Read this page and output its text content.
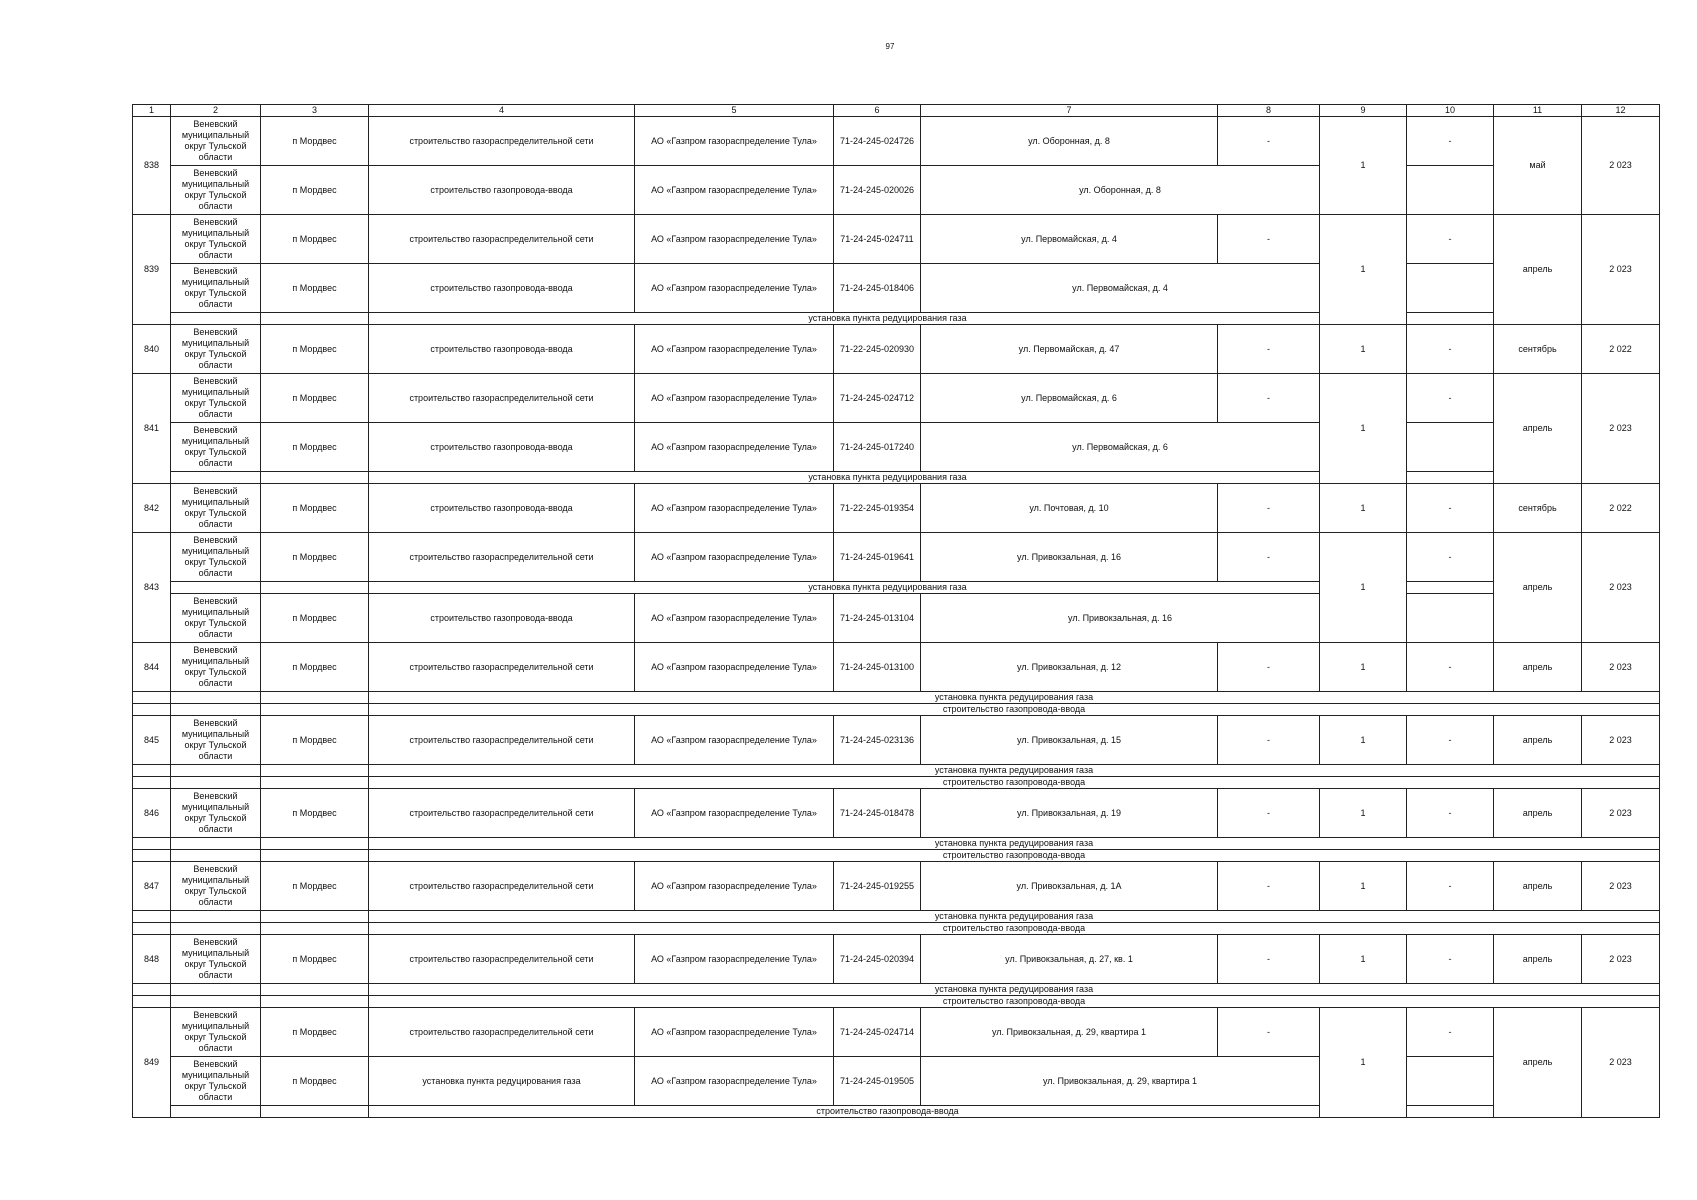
97
1	2	3	4	5	6	7	8	9	10	11	12
838	Веневский муниципальный округ Тульской области	п Мордвес	строительство газораспределительной сети	АО «Газпром газораспределение Тула»	71-24-245-024726	ул. Оборонная, д. 8	-	1	-	май	2 023
	Веневский муниципальный округ Тульской области	п Мордвес	строительство газопровода-ввода	АО «Газпром газораспределение Тула»	71-24-245-020026	ул. Оборонная, д. 8					
839	Веневский муниципальный округ Тульской области	п Мордвес	строительство газораспределительной сети	АО «Газпром газораспределение Тула»	71-24-245-024711	ул. Первомайская, д. 4	-	1	-	апрель	2 023
	Веневский муниципальный округ Тульской области	п Мордвес	строительство газопровода-ввода	АО «Газпром газораспределение Тула»	71-24-245-018406	ул. Первомайская, д. 4					
			установка пункта редуцирования газа								
840	Веневский муниципальный округ Тульской области	п Мордвес	строительство газопровода-ввода	АО «Газпром газораспределение Тула»	71-22-245-020930	ул. Первомайская, д. 47	-	1	-	сентябрь	2 022
841	Веневский муниципальный округ Тульской области	п Мордвес	строительство газораспределительной сети	АО «Газпром газораспределение Тула»	71-24-245-024712	ул. Первомайская, д. 6	-	1	-	апрель	2 023
	Веневский муниципальный округ Тульской области	п Мордвес	строительство газопровода-ввода	АО «Газпром газораспределение Тула»	71-24-245-017240	ул. Первомайская, д. 6					
			установка пункта редуцирования газа								
842	Веневский муниципальный округ Тульской области	п Мордвес	строительство газопровода-ввода	АО «Газпром газораспределение Тула»	71-22-245-019354	ул. Почтовая, д. 10	-	1	-	сентябрь	2 022
843	Веневский муниципальный округ Тульской области	п Мордвес	строительство газораспределительной сети	АО «Газпром газораспределение Тула»	71-24-245-019641	ул. Привокзальная, д. 16	-	1	-	апрель	2 023
			установка пункта редуцирования газа								
	Веневский муниципальный округ Тульской области	п Мордвес	строительство газопровода-ввода	АО «Газпром газораспределение Тула»	71-24-245-013104	ул. Привокзальная, д. 16					
844	Веневский муниципальный округ Тульской области	п Мордвес	строительство газораспределительной сети	АО «Газпром газораспределение Тула»	71-24-245-013100	ул. Привокзальная, д. 12	-	1	-	апрель	2 023
			установка пункта редуцирования газа								
			строительство газопровода-ввода								
845	Веневский муниципальный округ Тульской области	п Мордвес	строительство газораспределительной сети	АО «Газпром газораспределение Тула»	71-24-245-023136	ул. Привокзальная, д. 15	-	1	-	апрель	2 023
			установка пункта редуцирования газа								
			строительство газопровода-ввода								
846	Веневский муниципальный округ Тульской области	п Мордвес	строительство газораспределительной сети	АО «Газпром газораспределение Тула»	71-24-245-018478	ул. Привокзальная, д. 19	-	1	-	апрель	2 023
			установка пункта редуцирования газа								
			строительство газопровода-ввода								
847	Веневский муниципальный округ Тульской области	п Мордвес	строительство газораспределительной сети	АО «Газпром газораспределение Тула»	71-24-245-019255	ул. Привокзальная, д. 1А	-	1	-	апрель	2 023
			установка пункта редуцирования газа								
			строительство газопровода-ввода								
848	Веневский муниципальный округ Тульской области	п Мордвес	строительство газораспределительной сети	АО «Газпром газораспределение Тула»	71-24-245-020394	ул. Привокзальная, д. 27, кв. 1	-	1	-	апрель	2 023
			установка пункта редуцирования газа								
			строительство газопровода-ввода								
849	Веневский муниципальный округ Тульской области	п Мордвес	строительство газораспределительной сети	АО «Газпром газораспределение Тула»	71-24-245-024714	ул. Привокзальная, д. 29, квартира 1	-	1	-	апрель	2 023
	Веневский муниципальный округ Тульской области	п Мордвес	установка пункта редуцирования газа	АО «Газпром газораспределение Тула»	71-24-245-019505	ул. Привокзальная, д. 29, квартира 1					
			строительство газопровода-ввода								
